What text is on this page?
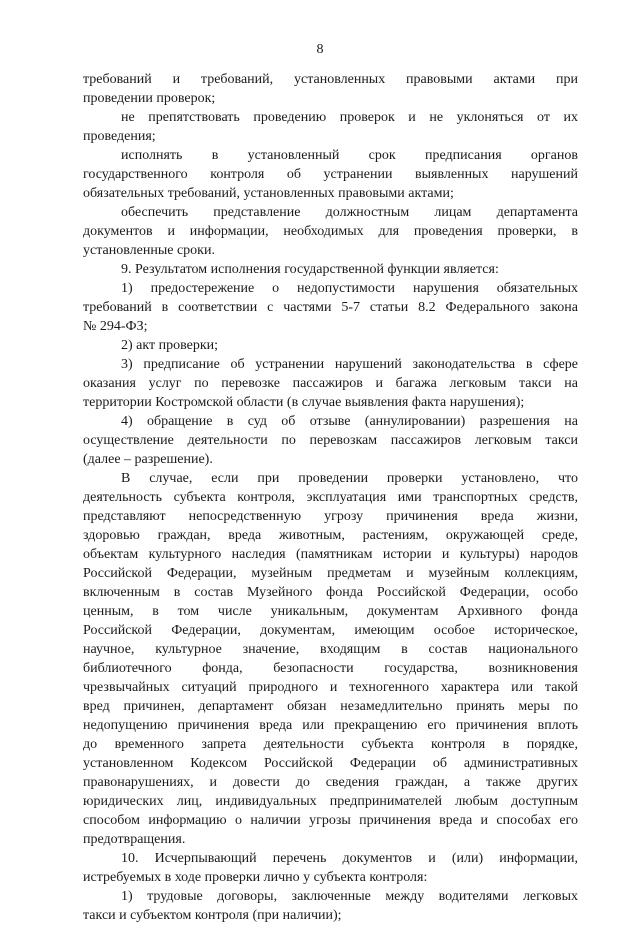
8
требований и требований, установленных правовыми актами при
проведении проверок;
не препятствовать проведению проверок и не уклоняться от их
проведения;
исполнять в установленный срок предписания органов
государственного контроля об устранении выявленных нарушений
обязательных требований, установленных правовыми актами;
обеспечить представление должностным лицам департамента
документов и информации, необходимых для проведения проверки, в
установленные сроки.
9. Результатом исполнения государственной функции является:
1) предостережение о недопустимости нарушения обязательных
требований в соответствии с частями 5-7 статьи 8.2 Федерального закона
№ 294-ФЗ;
2) акт проверки;
3) предписание об устранении нарушений законодательства в сфере
оказания услуг по перевозке пассажиров и багажа легковым такси на
территории Костромской области (в случае выявления факта нарушения);
4) обращение в суд об отзыве (аннулировании) разрешения на
осуществление деятельности по перевозкам пассажиров легковым такси
(далее – разрешение).
В случае, если при проведении проверки установлено, что
деятельность субъекта контроля, эксплуатация ими транспортных средств,
представляют непосредственную угрозу причинения вреда жизни,
здоровью граждан, вреда животным, растениям, окружающей среде,
объектам культурного наследия (памятникам истории и культуры) народов
Российской Федерации, музейным предметам и музейным коллекциям,
включенным в состав Музейного фонда Российской Федерации, особо
ценным, в том числе уникальным, документам Архивного фонда
Российской Федерации, документам, имеющим особое историческое,
научное, культурное значение, входящим в состав национального
библиотечного фонда, безопасности государства, возникновения
чрезвычайных ситуаций природного и техногенного характера или такой
вред причинен, департамент обязан незамедлительно принять меры по
недопущению причинения вреда или прекращению его причинения вплоть
до временного запрета деятельности субъекта контроля в порядке,
установленном Кодексом Российской Федерации об административных
правонарушениях, и довести до сведения граждан, а также других
юридических лиц, индивидуальных предпринимателей любым доступным
способом информацию о наличии угрозы причинения вреда и способах его
предотвращения.
10. Исчерпывающий перечень документов и (или) информации,
истребуемых в ходе проверки лично у субъекта контроля:
1) трудовые договоры, заключенные между водителями легковых
такси и субъектом контроля (при наличии);
